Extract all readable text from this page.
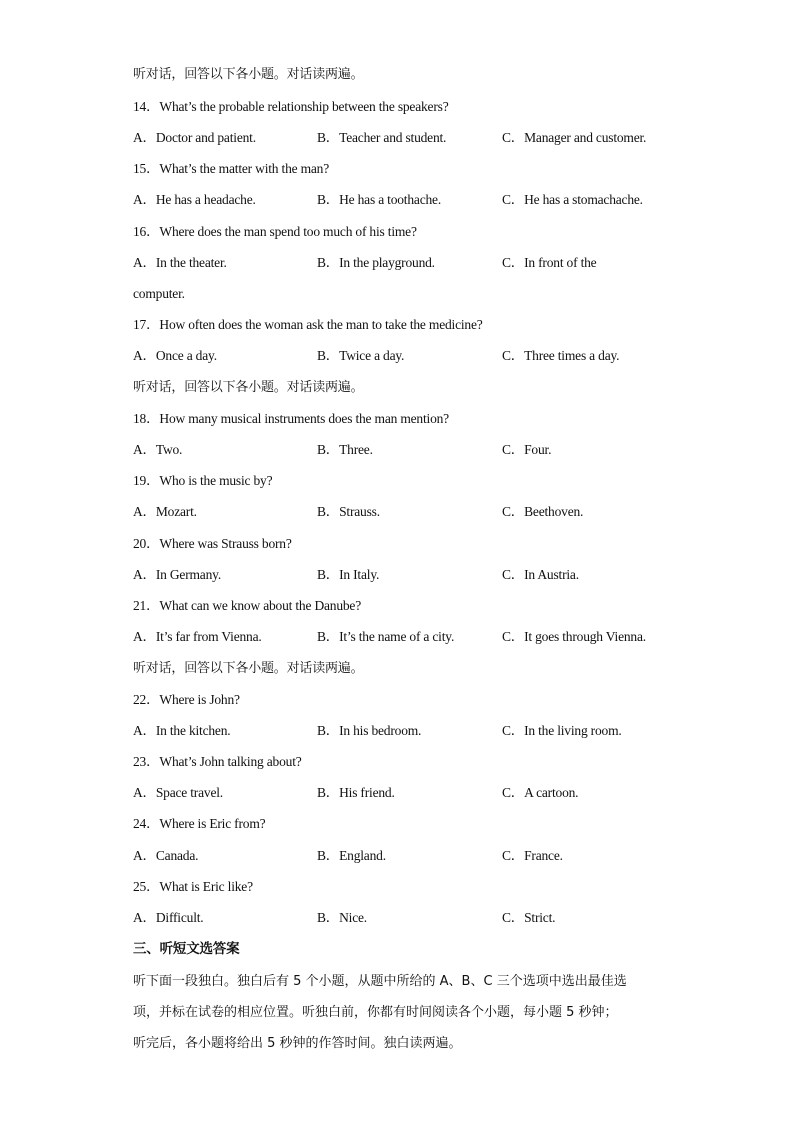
听对话，回答以下各小题。对话读两遍。
14．What’s the probable relationship between the speakers?
A．Doctor and patient.	B．Teacher and student.	C．Manager and customer.
15．What’s the matter with the man?
A．He has a headache.	B．He has a toothache.	C．He has a stomachache.
16．Where does the man spend too much of his time?
A．In the theater.	B．In the playground.	C．In front of the
computer.
17．How often does the woman ask the man to take the medicine?
A．Once a day.	B．Twice a day.	C．Three times a day.
听对话，回答以下各小题。对话读两遍。
18．How many musical instruments does the man mention?
A．Two.	B．Three.	C．Four.
19．Who is the music by?
A．Mozart.	B．Strauss.	C．Beethoven.
20．Where was Strauss born?
A．In Germany.	B．In Italy.	C．In Austria.
21．What can we know about the Danube?
A．It’s far from Vienna.	B．It’s the name of a city.	C．It goes through Vienna.
听对话，回答以下各小题。对话读两遍。
22．Where is John?
A．In the kitchen.	B．In his bedroom.	C．In the living room.
23．What’s John talking about?
A．Space travel.	B．His friend.	C．A cartoon.
24．Where is Eric from?
A．Canada.	B．England.	C．France.
25．What is Eric like?
A．Difficult.	B．Nice.	C．Strict.
三、听短文选答案
听下面一段独白。独白后有 5 个小题，从题中所给的 A、B、C 三个选项中选出最佳选
项，并标在试卷的相应位置。听独白前，你都有时间阅读各个小题，每小题 5 秒钟；
听完后，各小题将给出 5 秒钟的作答时间。独白读两遍。
